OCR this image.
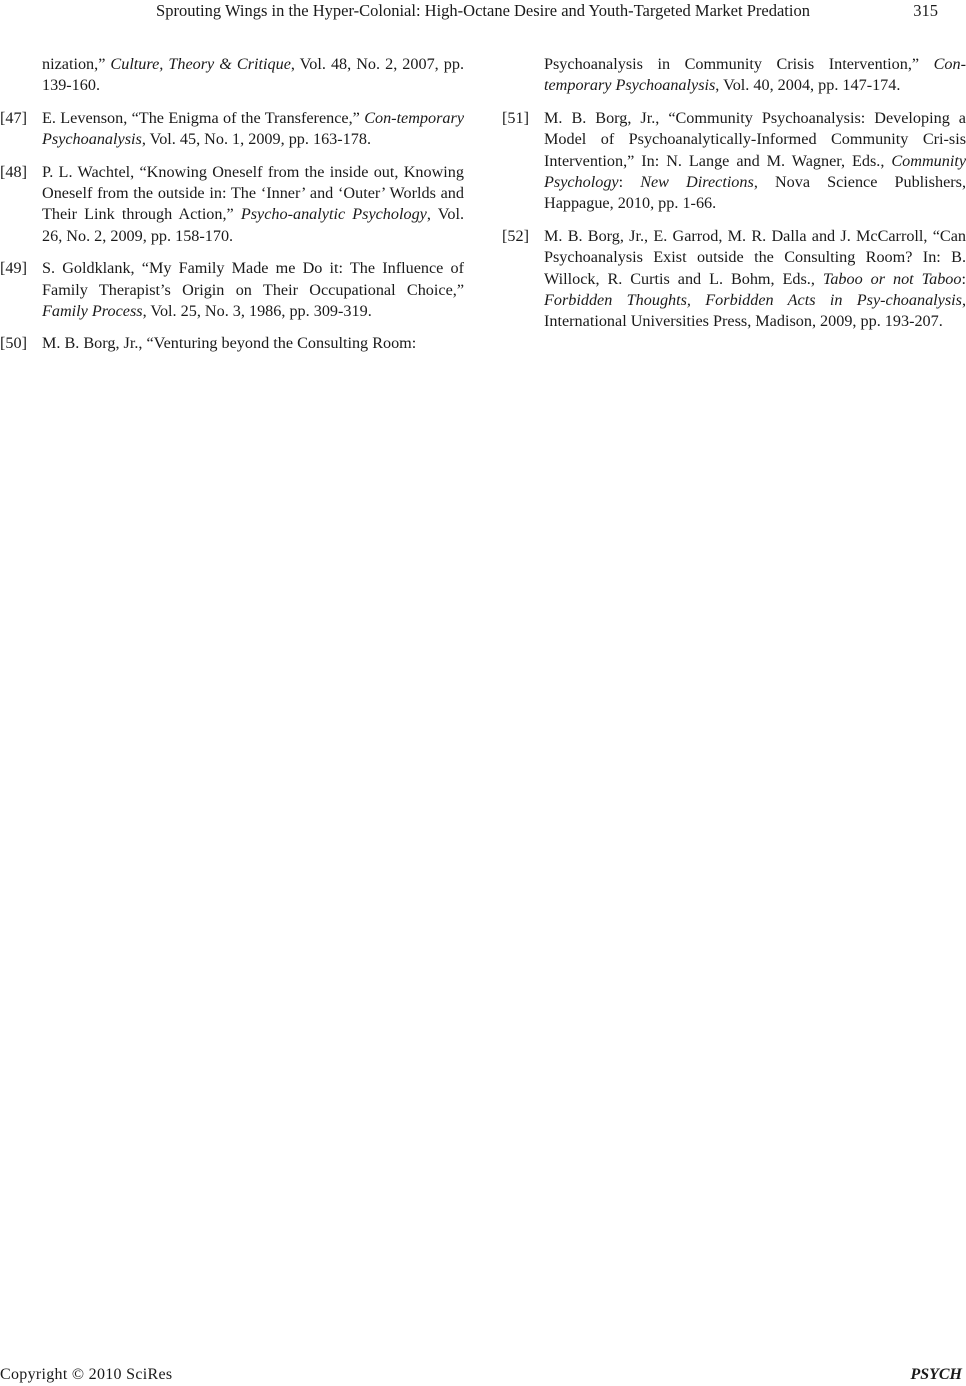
Sprouting Wings in the Hyper-Colonial: High-Octane Desire and Youth-Targeted Market Predation	315
nization,” Culture, Theory & Critique, Vol. 48, No. 2, 2007, pp. 139-160.
[47] E. Levenson, “The Enigma of the Transference,” Con-temporary Psychoanalysis, Vol. 45, No. 1, 2009, pp. 163-178.
[48] P. L. Wachtel, “Knowing Oneself from the inside out, Knowing Oneself from the outside in: The ‘Inner’ and ‘Outer’ Worlds and Their Link through Action,” Psycho-analytic Psychology, Vol. 26, No. 2, 2009, pp. 158-170.
[49] S. Goldklank, “My Family Made me Do it: The Influence of Family Therapist’s Origin on Their Occupational Choice,” Family Process, Vol. 25, No. 3, 1986, pp. 309-319.
[50] M. B. Borg, Jr., “Venturing beyond the Consulting Room:
Psychoanalysis in Community Crisis Intervention,” Con-temporary Psychoanalysis, Vol. 40, 2004, pp. 147-174.
[51] M. B. Borg, Jr., “Community Psychoanalysis: Developing a Model of Psychoanalytically-Informed Community Cri-sis Intervention,” In: N. Lange and M. Wagner, Eds., Community Psychology: New Directions, Nova Science Publishers, Happague, 2010, pp. 1-66.
[52] M. B. Borg, Jr., E. Garrod, M. R. Dalla and J. McCarroll, “Can Psychoanalysis Exist outside the Consulting Room? In: B. Willock, R. Curtis and L. Bohm, Eds., Taboo or not Taboo: Forbidden Thoughts, Forbidden Acts in Psy-choanalysis, International Universities Press, Madison, 2009, pp. 193-207.
Copyright © 2010 SciRes	PSYCH
